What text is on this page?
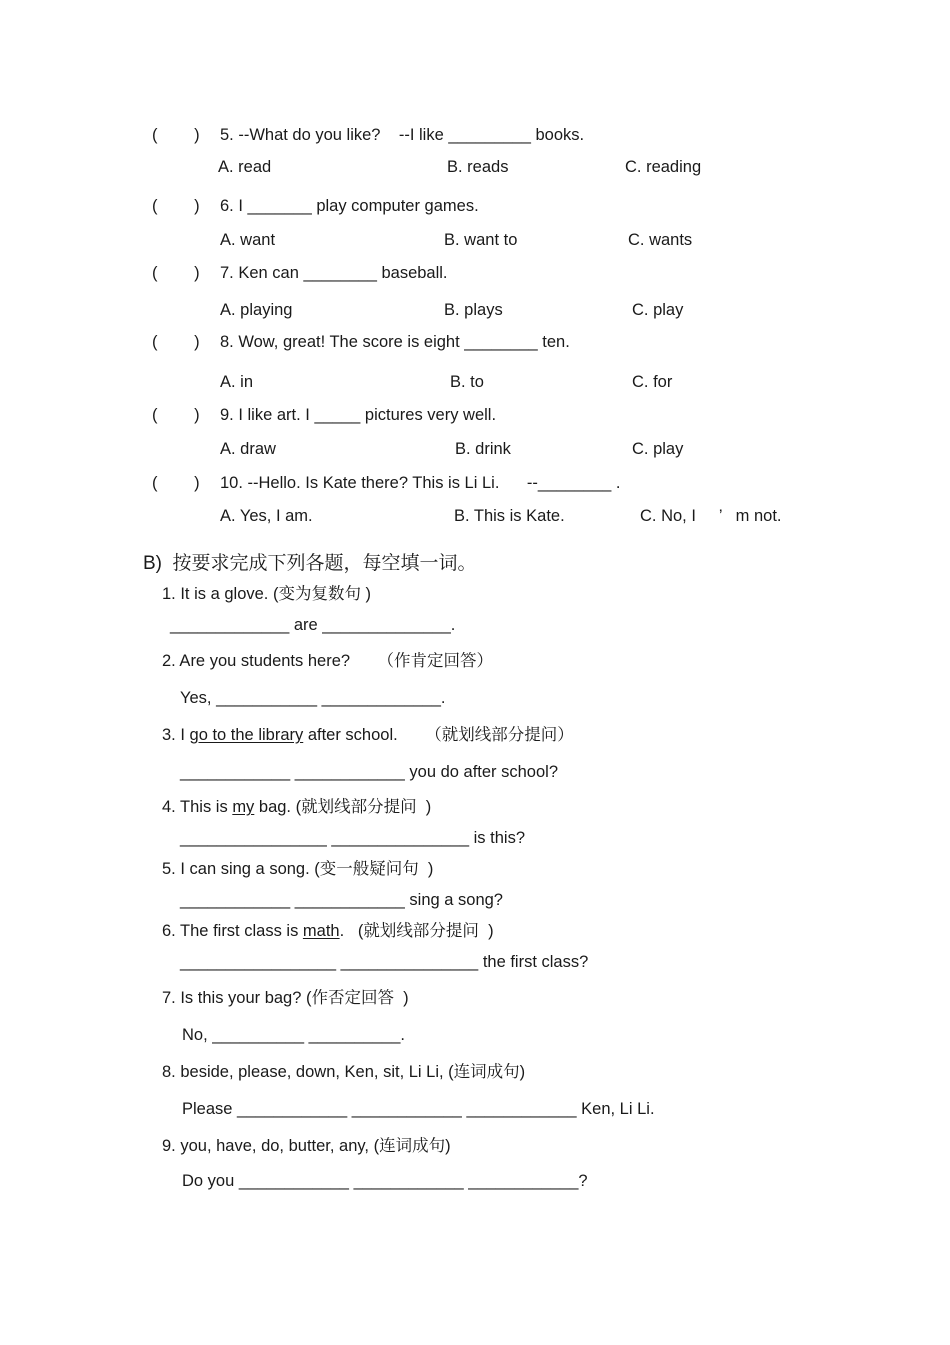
(        ) 5. --What do you like?    --I like _________ books.
A. read	B. reads	C. reading
(        ) 6. I _______ play computer games.
A. want	B. want to	C. wants
(        ) 7. Ken can ________ baseball.
A. playing	B. plays	C. play
(        ) 8. Wow, great! The score is eight ________ ten.
A. in	B. to	C. for
(        ) 9. I like art. I _____ pictures very well.
A. draw	B. drink	C. play
(        ) 10. --Hello. Is Kate there? This is Li Li.      --________ .
A. Yes, I am.	B. This is Kate.	C. No, I     ’   m not.
B)  按要求完成下列各题，每空填一词。
1. It is a glove. (变为复数句 )
_____________ are ______________.
2. Are you students here?      （作肯定回答）
Yes, ___________ _____________.
3. I go to the library after school.      （就划线部分提问）
____________ ____________ you do after school?
4. This is my bag. (就划线部分提问  )
________________ _______________ is this?
5. I can sing a song. (变一般疑问句  )
____________ ____________ sing a song?
6. The first class is math.   (就划线部分提问  )
_________________ _______________ the first class?
7. Is this your bag? (作否定回答  )
No, __________ __________.
8. beside, please, down, Ken, sit, Li Li, (连词成句)
Please ____________ ____________ ____________ Ken, Li Li.
9. you, have, do, butter, any, (连词成句)
Do you ____________ ____________ ____________?
